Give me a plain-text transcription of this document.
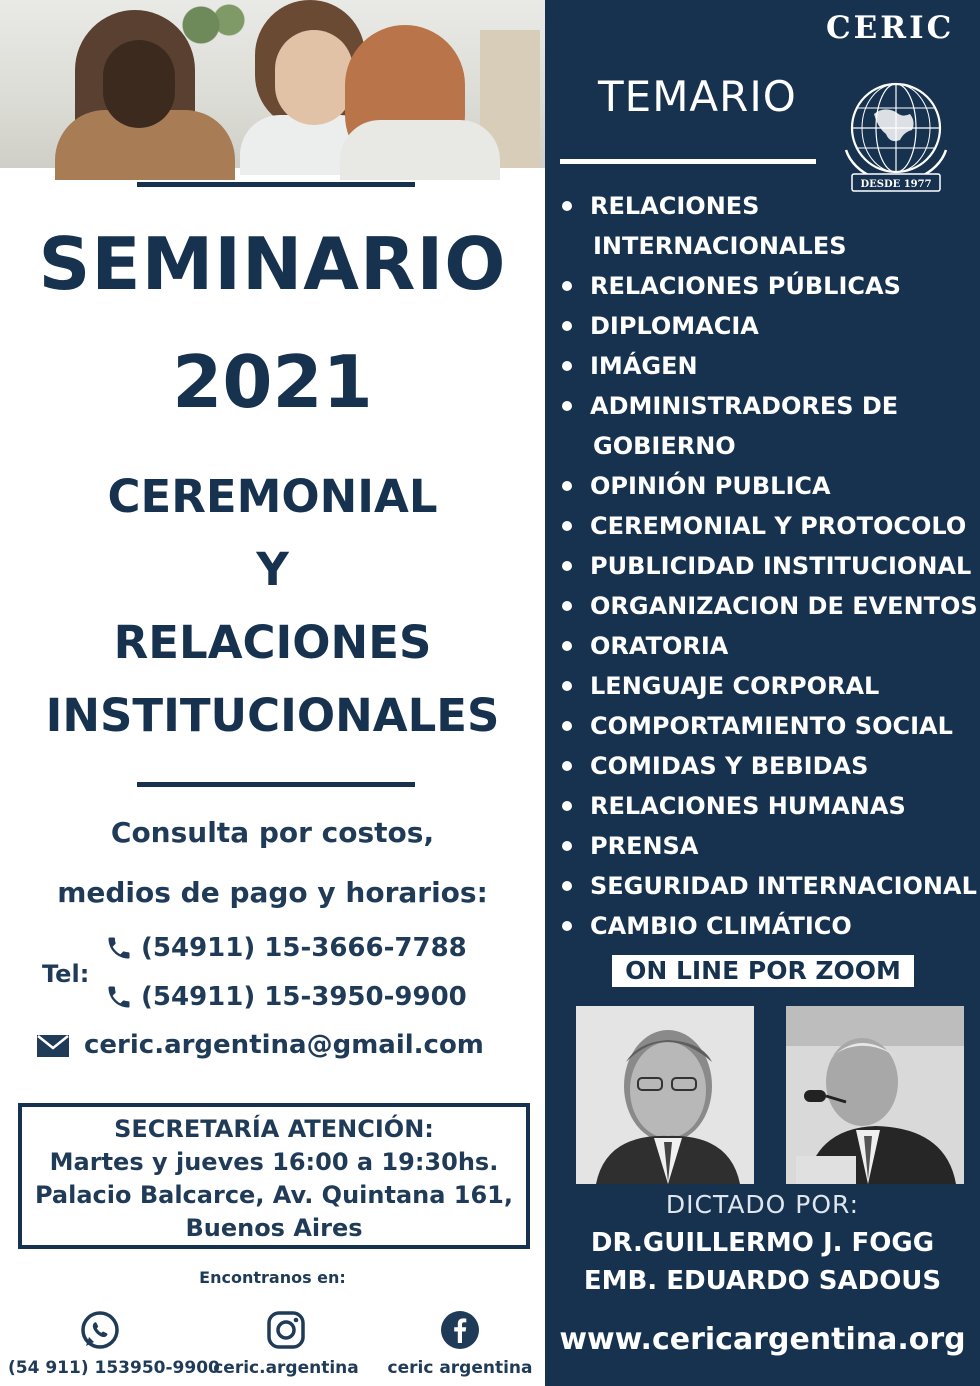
SEMINARIO
2021
CEREMONIAL
Y
RELACIONES
INSTITUCIONALES
Consulta por costos,
medios de pago y horarios:
Tel:
(54911) 15-3666-7788
(54911) 15-3950-9900
ceric.argentina@gmail.com
SECRETARÍA ATENCIÓN:
Martes y jueves 16:00 a 19:30hs.
Palacio Balcarce, Av. Quintana 161,
Buenos Aires
Encontranos en:
(54 911) 153950-9900
ceric.argentina	ceric argentina
TEMARIO
CERIC
DESDE 1977
RELACIONES
INTERNACIONALES
RELACIONES PÚBLICAS
DIPLOMACIA
IMÁGEN
ADMINISTRADORES DE
GOBIERNO
OPINIÓN PUBLICA
CEREMONIAL Y PROTOCOLO
PUBLICIDAD INSTITUCIONAL
ORGANIZACION DE EVENTOS
ORATORIA
LENGUAJE CORPORAL
COMPORTAMIENTO SOCIAL
COMIDAS Y BEBIDAS
RELACIONES HUMANAS
PRENSA
SEGURIDAD INTERNACIONAL
CAMBIO CLIMÁTICO
ON LINE POR ZOOM
DICTADO POR:
DR.GUILLERMO J. FOGG
EMB. EDUARDO SADOUS
www.cericargentina.org
